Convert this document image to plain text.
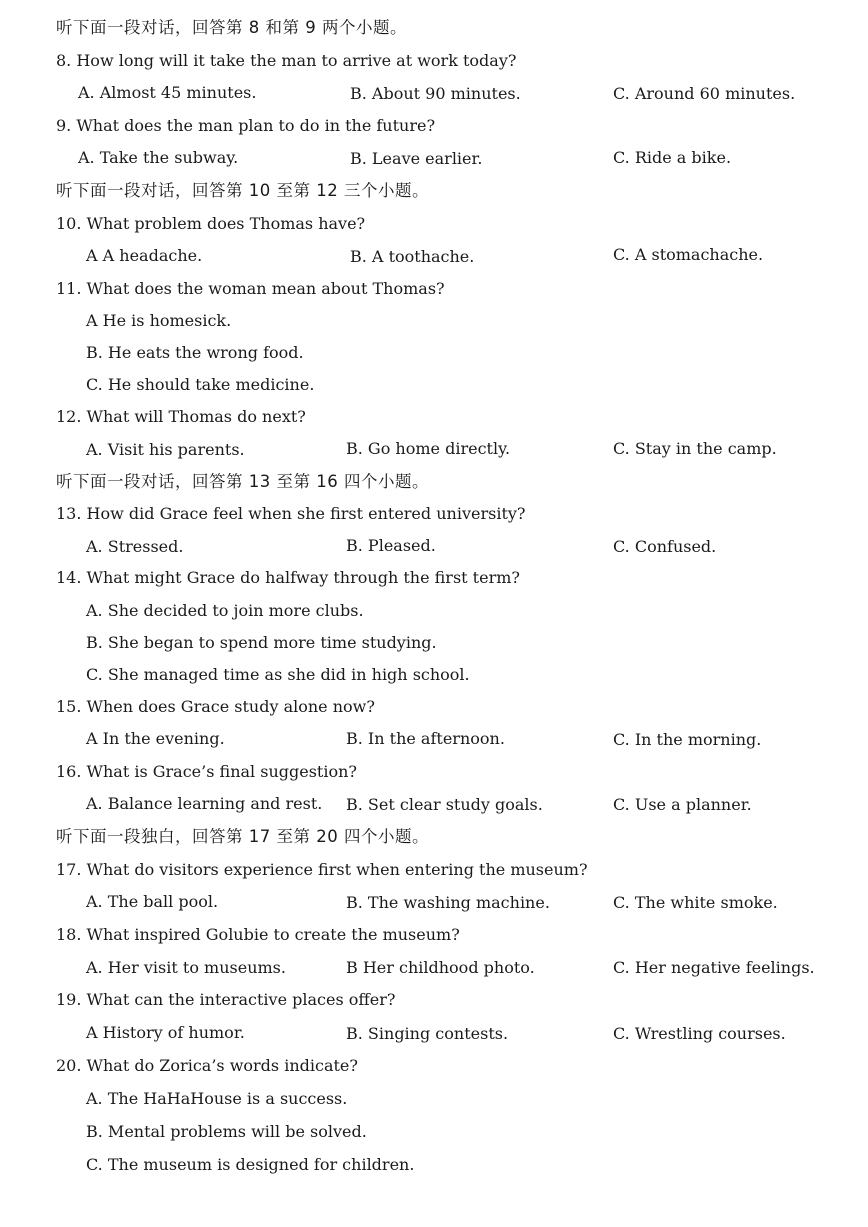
听下面一段对话，回答第 8 和第 9 两个小题。
8. How long will it take the man to arrive at work today?
A. Almost 45 minutes.	B. About 90 minutes.	C. Around 60 minutes.
9. What does the man plan to do in the future?
A. Take the subway.	B. Leave earlier.	C. Ride a bike.
听下面一段对话，回答第 10 至第 12 三个小题。
10. What problem does Thomas have?
A A headache.	B. A toothache.	C. A stomachache.
11. What does the woman mean about Thomas?
A He is homesick.
B. He eats the wrong food.
C. He should take medicine.
12. What will Thomas do next?
A. Visit his parents.	B. Go home directly.	C. Stay in the camp.
听下面一段对话，回答第 13 至第 16 四个小题。
13. How did Grace feel when she first entered university?
A. Stressed.	B. Pleased.	C. Confused.
14. What might Grace do halfway through the first term?
A. She decided to join more clubs.
B. She began to spend more time studying.
C. She managed time as she did in high school.
15. When does Grace study alone now?
A In the evening.	B. In the afternoon.	C. In the morning.
16. What is Grace’s final suggestion?
A. Balance learning and rest. B. Set clear study goals.	C. Use a planner.
听下面一段独白，回答第 17 至第 20 四个小题。
17. What do visitors experience first when entering the museum?
A. The ball pool.	B. The washing machine.	C. The white smoke.
18. What inspired Golubie to create the museum?
A. Her visit to museums.	B Her childhood photo.	C. Her negative feelings.
19. What can the interactive places offer?
A History of humor.	B. Singing contests.	C. Wrestling courses.
20. What do Zorica’s words indicate?
A. The HaHaHouse is a success.
B. Mental problems will be solved.
C. The museum is designed for children.
